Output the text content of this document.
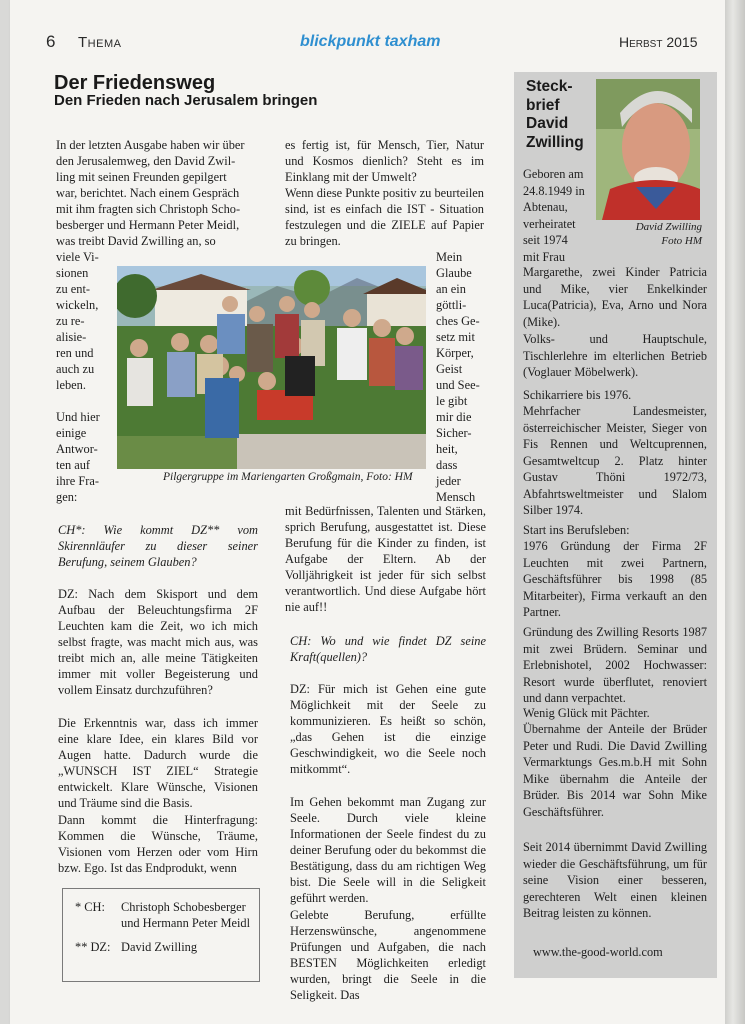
6 Thema	blickpunkt taxham	Herbst 2015
Der Friedensweg
Den Frieden nach Jerusalem bringen
In der letzten Ausgabe haben wir über
den Jerusalemweg, den David Zwil-
ling mit seinen Freunden gepilgert
war, berichtet. Nach einem Gespräch
mit ihm fragten sich Christoph Scho-
besberger und Hermann Peter Meidl,
was treibt David Zwilling an, so
viele Vi-
sionen
zu ent-
wickeln,
zu re-
alisie-
ren und
auch zu
leben.

Und hier
einige
Antwor-
ten auf
ihre Fra-
gen:

CH*: Wie kommt DZ** vom Skirennläufer zu dieser seiner Berufung, seinem Glauben?

DZ: Nach dem Skisport und dem Aufbau der Beleuchtungsfirma 2F Leuchten kam die Zeit, wo ich mich selbst fragte, was macht mich aus, was treibt mich an, alle meine Tätigkeiten immer mit voller Begeisterung und vollem Einsatz durchzuführen?

Die Erkenntnis war, dass ich immer eine klare Idee, ein klares Bild vor Augen hatte. Dadurch wurde die „WUNSCH IST ZIEL“ Strategie entwickelt. Klare Wünsche, Visionen und Träume sind die Basis.

Dann kommt die Hinterfragung: Kommen die Wünsche, Träume, Visionen vom Herzen oder vom Hirn bzw. Ego. Ist das Endprodukt, wenn

* CH:	Christoph Schobesberger und Hermann Peter Meidl
** DZ: David Zwilling
Pilgergruppe im Mariengarten Großgmain, Foto: HM

es fertig ist, für Mensch, Tier, Natur und Kosmos dienlich? Steht es im Einklang mit der Umwelt?

Wenn diese Punkte positiv zu beurteilen sind, ist es einfach die IST - Situation festzulegen und die ZIELE auf Papier zu bringen.

Mein
Glaube
an ein
göttli-
ches Ge-
setz mit
Körper,
Geist
und See-
le gibt
mir die
Sicher-
heit,
dass
jeder
Mensch

mit Bedürfnissen, Talenten und Stärken, sprich Berufung, ausgestattet ist. Diese Berufung für die Kinder zu finden, ist Aufgabe der Eltern. Ab der Volljährigkeit ist jeder für sich selbst verantwortlich. Und diese Aufgabe hört nie auf!!

CH: Wo und wie findet DZ seine Kraft(quellen)?

DZ: Für mich ist Gehen eine gute Möglichkeit mit der Seele zu kommunizieren. Es heißt so schön, „das Gehen ist die einzige Geschwindigkeit, wo die Seele noch mitkommt“.

Im Gehen bekommt man Zugang zur Seele. Durch viele kleine Informationen der Seele findest du zu deiner Berufung oder du bekommst die Bestätigung, dass du am richtigen Weg bist. Die Seele will in die Seligkeit geführt werden.

Gelebte Berufung, erfüllte Herzenswünsche, angenommene Prüfungen und Aufgaben, die nach BESTEN Möglichkeiten erledigt wurden, bringt die Seele in die Seligkeit. Das

Steck-
brief
David
Zwilling
David Zwilling
Foto HM
Geboren am
24.8.1949 in
Abtenau,
verheiratet
seit 1974
mit Frau

Margarethe, zwei Kinder Patricia und Mike, vier Enkelkinder Luca(Patricia), Eva, Arno und Nora (Mike).

Volks- und Hauptschule, Tischlerlehre im elterlichen Betrieb (Voglauer Möbelwerk).

Schikarriere bis 1976.

Mehrfacher Landesmeister, österreichischer Meister, Sieger von Fis Rennen und Weltcuprennen, Gesamtweltcup 2. Platz hinter Gustav Thöni 1972/73, Abfahrtsweltmeister und Slalom Silber 1974.

Start ins Berufsleben:

1976 Gründung der Firma 2F Leuchten mit zwei Partnern, Geschäftsführer bis 1998 (85 Mitarbeiter), Firma verkauft an den Partner.

Gründung des Zwilling Resorts 1987 mit zwei Brüdern. Seminar und Erlebnishotel, 2002 Hochwasser: Resort wurde überflutet, renoviert und dann verpachtet.

Wenig Glück mit Pächter.

Übernahme der Anteile der Brüder Peter und Rudi. Die David Zwilling Vermarktungs Ges.m.b.H mit Sohn Mike übernahm die Anteile der Brüder. Bis 2014 war Sohn Mike Geschäftsführer.

Seit 2014 übernimmt David Zwilling wieder die Geschäftsführung, um für seine Vision einer besseren, gerechteren Welt einen kleinen Beitrag leisten zu können.

www.the-good-world.com
